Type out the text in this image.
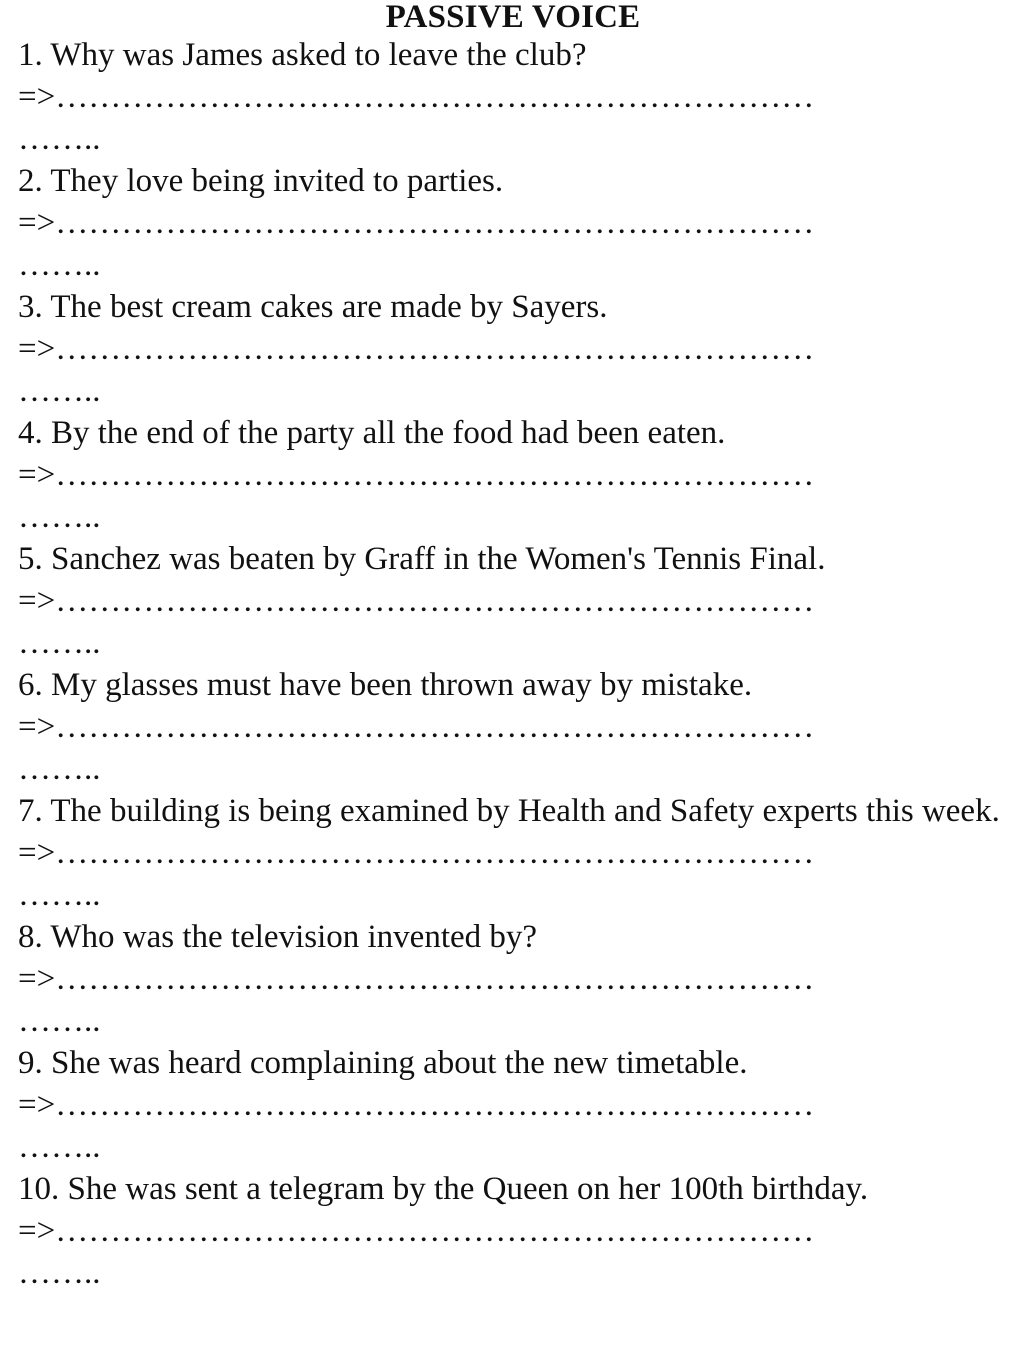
PASSIVE VOICE

1. Why was James asked to leave the club?

=>……………………………………………………………

……..

2. They love being invited to parties.

=>……………………………………………………………

……..

3. The best cream cakes are made by Sayers.

=>……………………………………………………………

……..

4. By the end of the party all the food had been eaten.

=>……………………………………………………………

……..

5. Sanchez was beaten by Graff in the Women's Tennis Final.

=>……………………………………………………………

……..

6. My glasses must have been thrown away by mistake.

=>……………………………………………………………

……..

7. The building is being examined by Health and Safety experts this week.

=>……………………………………………………………

……..

8. Who was the television invented by?

=>……………………………………………………………

……..

9. She was heard complaining about the new timetable.

=>……………………………………………………………

……..

10. She was sent a telegram by the Queen on her 100th birthday.

=>……………………………………………………………

……..
